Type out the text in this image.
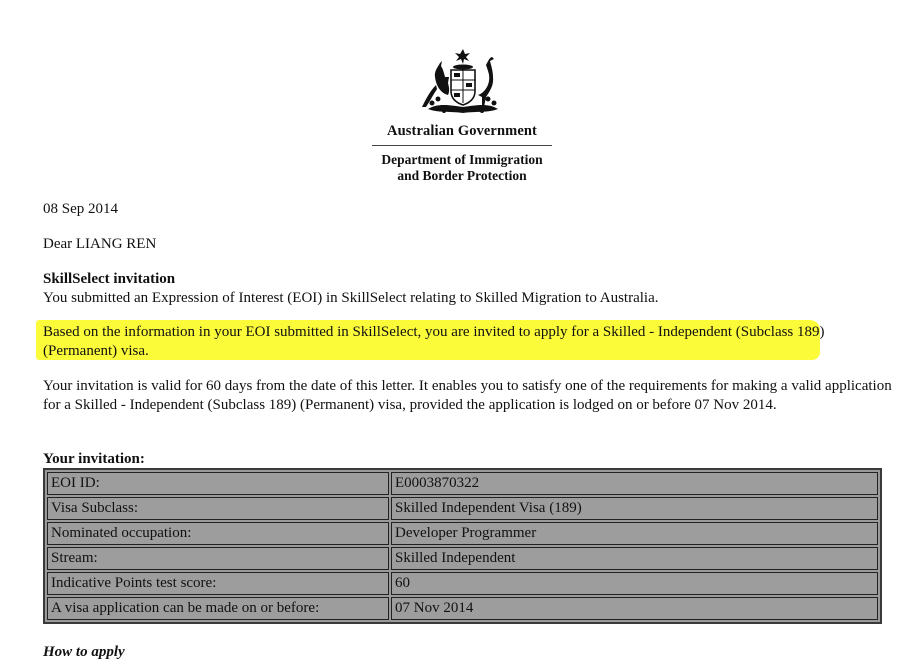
Australian Government
Department of Immigration
and Border Protection

08 Sep 2014

Dear LIANG REN

SkillSelect invitation

You submitted an Expression of Interest (EOI) in SkillSelect relating to Skilled Migration to Australia.

Based on the information in your EOI submitted in SkillSelect, you are invited to apply for a Skilled - Independent (Subclass 189) (Permanent) visa.

Your invitation is valid for 60 days from the date of this letter. It enables you to satisfy one of the requirements for making a valid application for a Skilled - Independent (Subclass 189) (Permanent) visa, provided the application is lodged on or before 07 Nov 2014.

Your invitation:

EOI ID:	E0003870322
Visa Subclass:	Skilled Independent Visa (189)
Nominated occupation:	Developer Programmer
Stream:	Skilled Independent
Indicative Points test score:	60
A visa application can be made on or before:	07 Nov 2014

How to apply
